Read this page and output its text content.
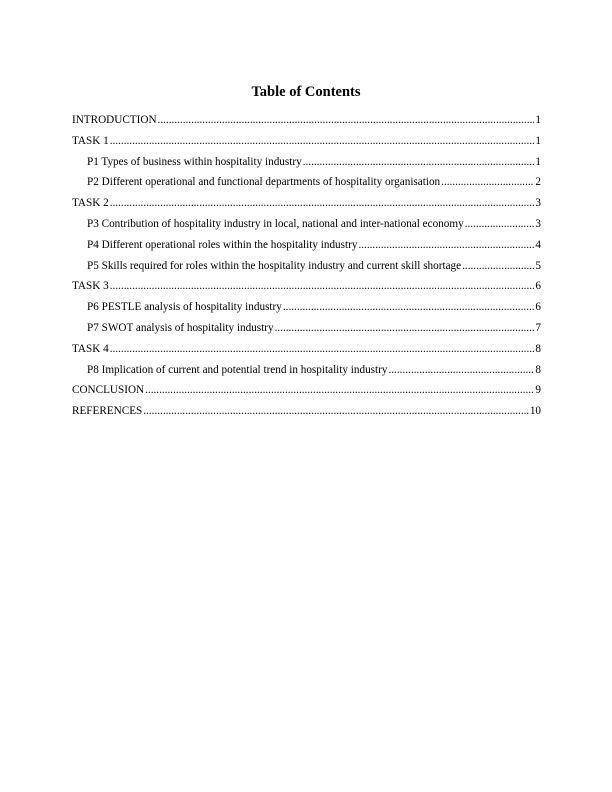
Table of Contents
INTRODUCTION .....	1
TASK 1 .....	1
P1 Types of business within hospitality industry .....	1
P2 Different operational and functional departments of hospitality organisation .....	2
TASK 2 .....	3
P3 Contribution of hospitality industry in local, national and inter-national economy .....	3
P4 Different operational roles within the hospitality industry .....	4
P5 Skills required for roles within the hospitality industry and current skill shortage .....	5
TASK 3 .....	6
P6 PESTLE analysis of hospitality industry .....	6
P7 SWOT analysis of hospitality industry .....	7
TASK 4 .....	8
P8 Implication of current and potential trend in hospitality industry .....	8
CONCLUSION .....	9
REFERENCES .....	10
